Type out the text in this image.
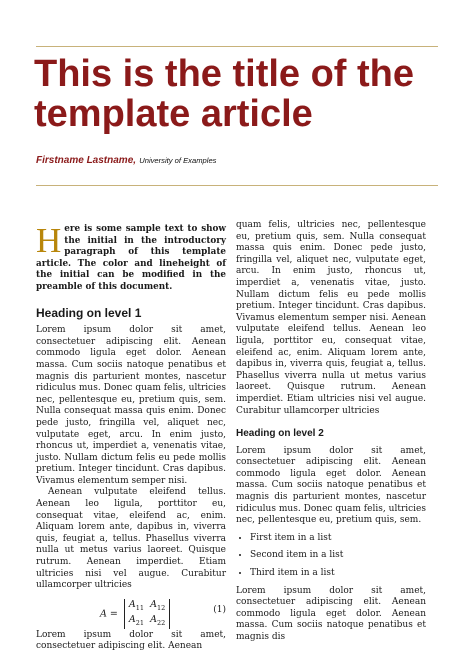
This is the title of the template article
Firstname Lastname, University of Examples

Here is some sample text to show the initial in the introductory paragraph of this template article. The color and lineheight of the initial can be modified in the preamble of this document.

Heading on level 1

Lorem ipsum dolor sit amet, consectetuer adipiscing elit. Aenean commodo ligula eget dolor. Aenean massa. Cum sociis natoque penatibus et magnis dis parturient montes, nascetur ridiculus mus. Donec quam felis, ultricies nec, pellentesque eu, pretium quis, sem. Nulla consequat massa quis enim. Donec pede justo, fringilla vel, aliquet nec, vulputate eget, arcu. In enim justo, rhoncus ut, imperdiet a, venenatis vitae, justo. Nullam dictum felis eu pede mollis pretium. Integer tincidunt. Cras dapibus. Vivamus elementum semper nisi.

Aenean vulputate eleifend tellus. Aenean leo ligula, porttitor eu, consequat vitae, eleifend ac, enim. Aliquam lorem ante, dapibus in, viverra quis, feugiat a, tellus. Phasellus viverra nulla ut metus varius laoreet. Quisque rutrum. Aenean imperdiet. Etiam ultricies nisi vel augue. Curabitur ullamcorper ultricies

$A = A_{11}$ $A_{12}$
$A_{21}$ $A_{22}$
(1)

Lorem ipsum dolor sit amet, consectetuer adipiscing elit. Aenean

quam felis, ultricies nec, pellentesque eu, pretium quis, sem. Nulla consequat massa quis enim. Donec pede justo, fringilla vel, aliquet nec, vulputate eget, arcu. In enim justo, rhoncus ut, imperdiet a, venenatis vitae, justo. Nullam dictum felis eu pede mollis pretium. Integer tincidunt. Cras dapibus. Vivamus elementum semper nisi. Aenean vulputate eleifend tellus. Aenean leo ligula, porttitor eu, consequat vitae, eleifend ac, enim. Aliquam lorem ante, dapibus in, viverra quis, feugiat a, tellus. Phasellus viverra nulla ut metus varius laoreet. Quisque rutrum. Aenean imperdiet. Etiam ultricies nisi vel augue. Curabitur ullamcorper ultricies

Heading on level 2

Lorem ipsum dolor sit amet, consectetuer adipiscing elit. Aenean commodo ligula eget dolor. Aenean massa. Cum sociis natoque penatibus et magnis dis parturient montes, nascetur ridiculus mus. Donec quam felis, ultricies nec, pellentesque eu, pretium quis, sem.

• First item in a list
• Second item in a list
• Third item in a list

Lorem ipsum dolor sit amet, consectetuer adipiscing elit. Aenean commodo ligula eget dolor. Aenean massa. Cum sociis natoque penatibus et magnis dis
